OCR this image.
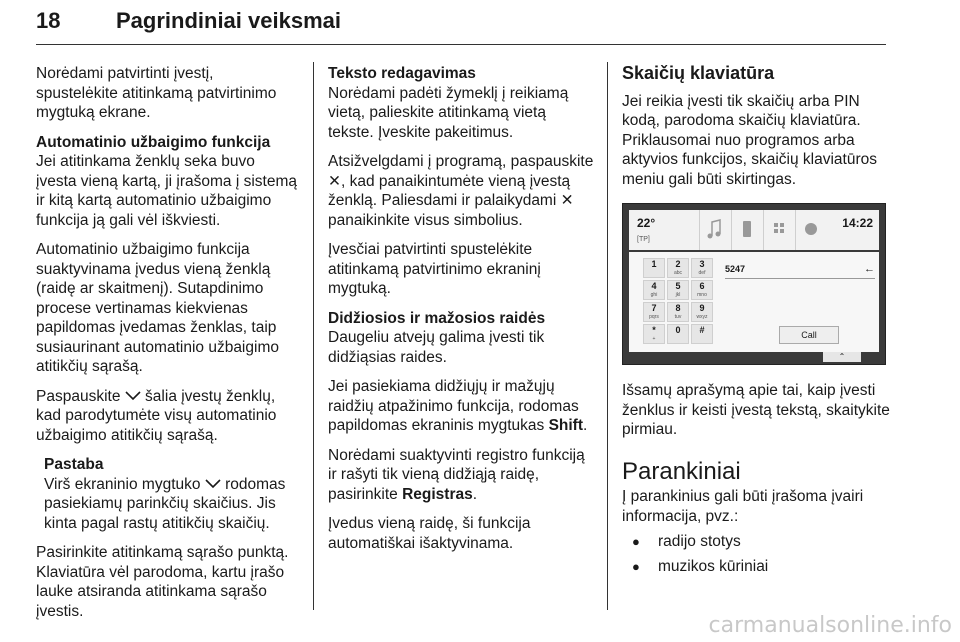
18	Pagrindiniai veiksmai

Norėdami patvirtinti įvestį, spustelėkite atitinkamą patvirtinimo mygtuką ekrane.

Automatinio užbaigimo funkcija

Jei atitinkama ženklų seka buvo įvesta vieną kartą, ji įrašoma į sistemą ir kitą kartą automatinio užbaigimo funkcija ją gali vėl iškviesti.

Automatinio užbaigimo funkcija suaktyvinama įvedus vieną ženklą (raidę ar skaitmenį). Sutapdinimo procese vertinamas kiekvienas papildomas įvedamas ženklas, taip susiaurinant automatinio užbaigimo atitikčių sąrašą.

Paspauskite  šalia įvestų ženklų, kad parodytumėte visų automatinio užbaigimo atitikčių sąrašą.

Pastaba

Virš ekraninio mygtuko  rodomas pasiekiamų parinkčių skaičius. Jis kinta pagal rastų atitikčių skaičių.

Pasirinkite atitinkamą sąrašo punktą. Klaviatūra vėl parodoma, kartu įrašo lauke atsiranda atitinkama sąrašo įvestis.

Teksto redagavimas

Norėdami padėti žymeklį į reikiamą vietą, palieskite atitinkamą vietą tekste. Įveskite pakeitimus.

Atsižvelgdami į programą, paspauskite ✕, kad panaikintumėte vieną įvestą ženklą. Paliesdami ir palaikydami ✕ panaikinkite visus simbolius.

Įvesčiai patvirtinti spustelėkite atitinkamą patvirtinimo ekraninį mygtuką.

Didžiosios ir mažosios raidės

Daugeliu atvejų galima įvesti tik didžiąsias raides.

Jei pasiekiama didžiųjų ir mažųjų raidžių atpažinimo funkcija, rodomas papildomas ekraninis mygtukas Shift.

Norėdami suaktyvinti registro funkciją ir rašyti tik vieną didžiąją raidę, pasirinkite Registras.

Įvedus vieną raidę, ši funkcija automatiškai išaktyvinama.

Skaičių klaviatūra

Jei reikia įvesti tik skaičių arba PIN kodą, parodoma skaičių klaviatūra. Priklausomai nuo programos arba aktyvios funkcijos, skaičių klaviatūros meniu gali būti skirtingas.

22°
[TP]
14:22
5247	←
1	2
abc
3
def
4
ghi
5
jkl
6
mno
7
pqrs
8
tuv
9
wxyz
*
+
0	#	Call
⌃

Išsamų aprašymą apie tai, kaip įvesti ženklus ir keisti įvestą tekstą, skaitykite pirmiau.

Parankiniai

Į parankinius gali būti įrašoma įvairi informacija, pvz.:

● radijo stotys
● muzikos kūriniai
carmanualsonline.info
